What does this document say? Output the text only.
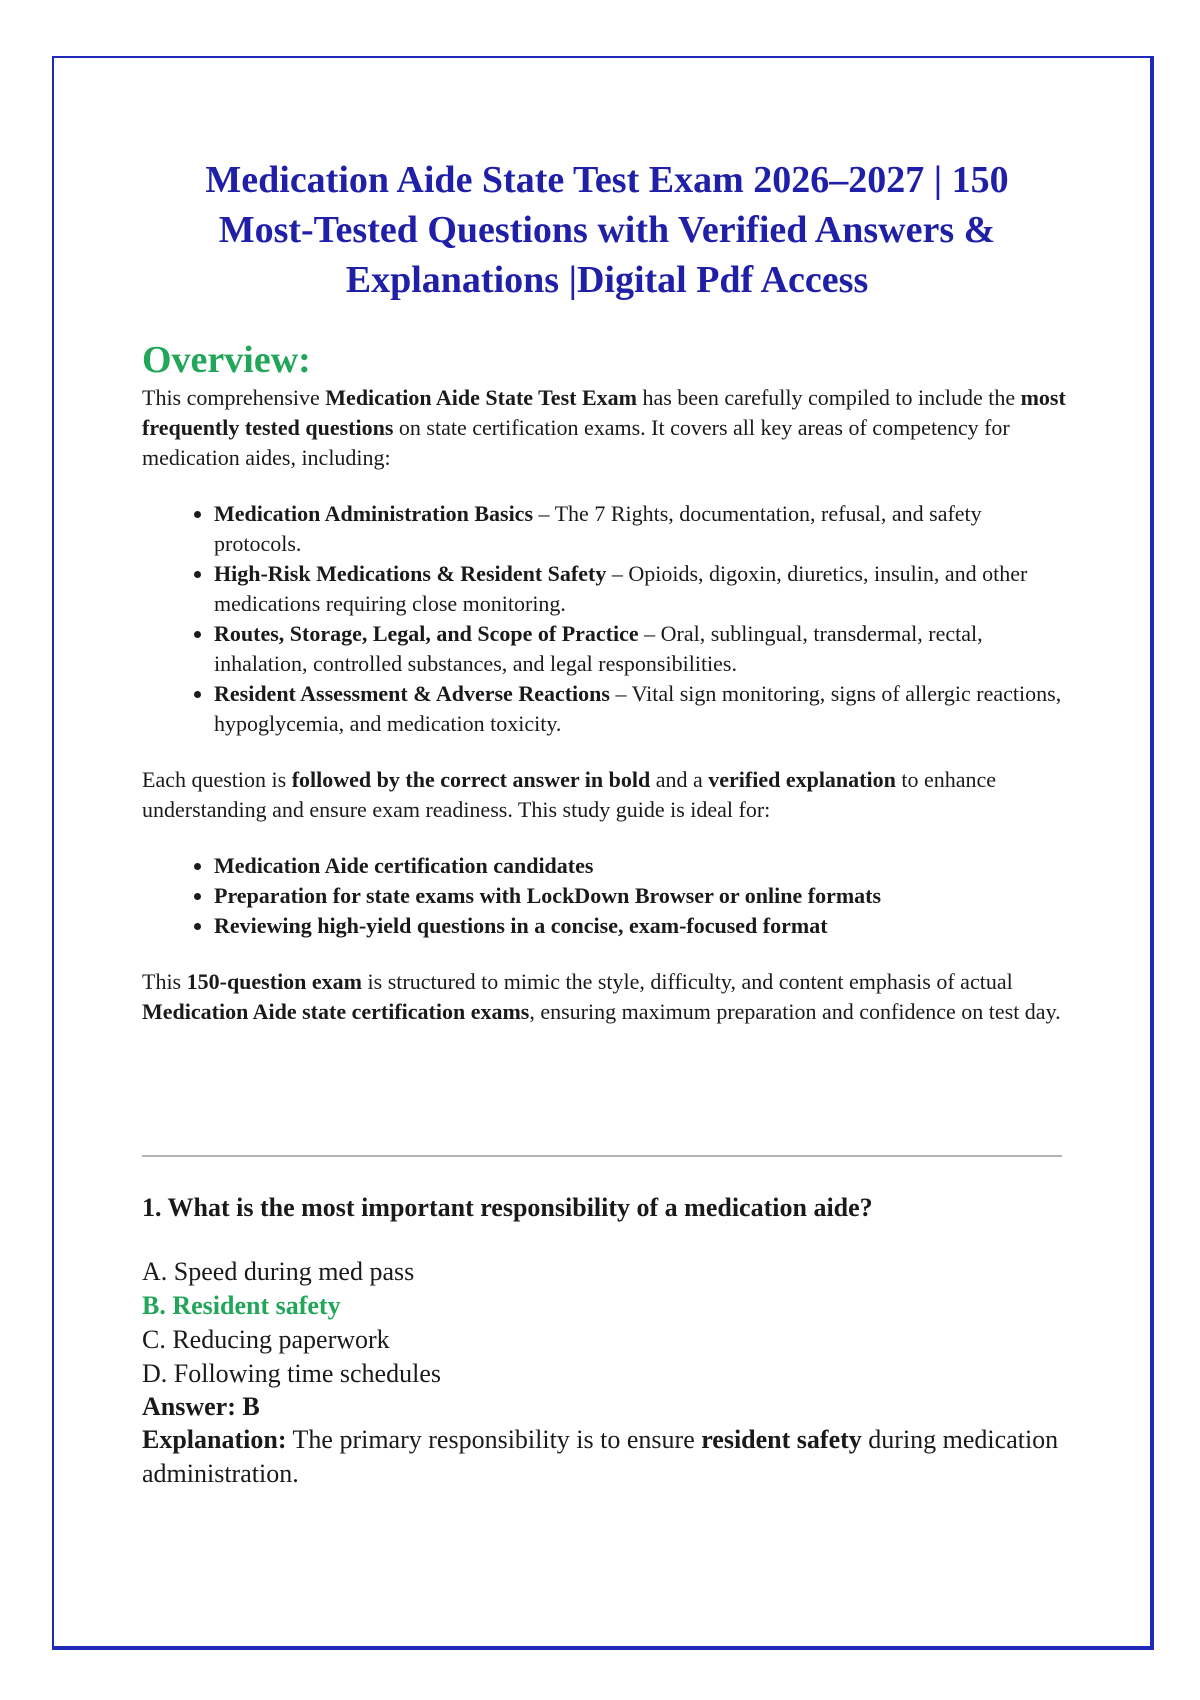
Medication Aide State Test Exam 2026–2027 | 150 Most-Tested Questions with Verified Answers & Explanations |Digital Pdf Access
Overview:

This comprehensive Medication Aide State Test Exam has been carefully compiled to include the most frequently tested questions on state certification exams. It covers all key areas of competency for medication aides, including:

• Medication Administration Basics – The 7 Rights, documentation, refusal, and safety protocols.
• High-Risk Medications & Resident Safety – Opioids, digoxin, diuretics, insulin, and other medications requiring close monitoring.
• Routes, Storage, Legal, and Scope of Practice – Oral, sublingual, transdermal, rectal, inhalation, controlled substances, and legal responsibilities.
• Resident Assessment & Adverse Reactions – Vital sign monitoring, signs of allergic reactions, hypoglycemia, and medication toxicity.

Each question is followed by the correct answer in bold and a verified explanation to enhance understanding and ensure exam readiness. This study guide is ideal for:

• Medication Aide certification candidates
• Preparation for state exams with LockDown Browser or online formats
• Reviewing high-yield questions in a concise, exam-focused format

This 150-question exam is structured to mimic the style, difficulty, and content emphasis of actual Medication Aide state certification exams, ensuring maximum preparation and confidence on test day.

1. What is the most important responsibility of a medication aide?
A. Speed during med pass
B. Resident safety
C. Reducing paperwork
D. Following time schedules
Answer: B
Explanation: The primary responsibility is to ensure resident safety during medication administration.
